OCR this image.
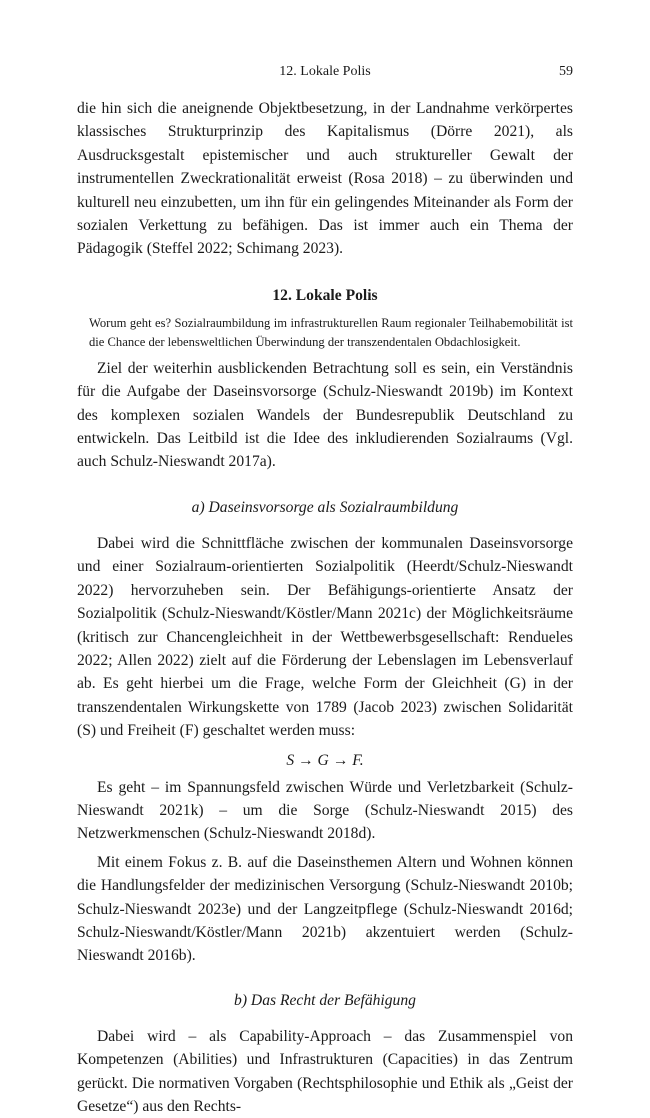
12. Lokale Polis	59

die hin sich die aneignende Objektbesetzung, in der Landnahme verkörpertes klassisches Strukturprinzip des Kapitalismus (Dörre 2021), als Ausdrucksgestalt epistemischer und auch struktureller Gewalt der instrumentellen Zweckrationalität erweist (Rosa 2018) – zu überwinden und kulturell neu einzubetten, um ihn für ein gelingendes Miteinander als Form der sozialen Verkettung zu befähigen. Das ist immer auch ein Thema der Pädagogik (Steffel 2022; Schimang 2023).

12. Lokale Polis

Worum geht es? Sozialraumbildung im infrastrukturellen Raum regionaler Teilhabemobilität ist die Chance der lebensweltlichen Überwindung der transzendentalen Obdachlosigkeit.

Ziel der weiterhin ausblickenden Betrachtung soll es sein, ein Verständnis für die Aufgabe der Daseinsvorsorge (Schulz-Nieswandt 2019b) im Kontext des komplexen sozialen Wandels der Bundesrepublik Deutschland zu entwickeln. Das Leitbild ist die Idee des inkludierenden Sozialraums (Vgl. auch Schulz-Nieswandt 2017a).

a) Daseinsvorsorge als Sozialraumbildung

Dabei wird die Schnittfläche zwischen der kommunalen Daseinsvorsorge und einer Sozialraum-orientierten Sozialpolitik (Heerdt/Schulz-Nieswandt 2022) hervorzuheben sein. Der Befähigungs-orientierte Ansatz der Sozialpolitik (Schulz-Nieswandt/Köstler/Mann 2021c) der Möglichkeitsräume (kritisch zur Chancengleichheit in der Wettbewerbsgesellschaft: Rendueles 2022; Allen 2022) zielt auf die Förderung der Lebenslagen im Lebensverlauf ab. Es geht hierbei um die Frage, welche Form der Gleichheit (G) in der transzendentalen Wirkungskette von 1789 (Jacob 2023) zwischen Solidarität (S) und Freiheit (F) geschaltet werden muss:

S → G → F.

Es geht – im Spannungsfeld zwischen Würde und Verletzbarkeit (Schulz-Nieswandt 2021k) – um die Sorge (Schulz-Nieswandt 2015) des Netzwerkmenschen (Schulz-Nieswandt 2018d).

Mit einem Fokus z. B. auf die Daseinsthemen Altern und Wohnen können die Handlungsfelder der medizinischen Versorgung (Schulz-Nieswandt 2010b; Schulz-Nieswandt 2023e) und der Langzeitpflege (Schulz-Nieswandt 2016d; Schulz-Nieswandt/Köstler/Mann 2021b) akzentuiert werden (Schulz-Nieswandt 2016b).

b) Das Recht der Befähigung

Dabei wird – als Capability-Approach – das Zusammenspiel von Kompetenzen (Abilities) und Infrastrukturen (Capacities) in das Zentrum gerückt. Die normativen Vorgaben (Rechtsphilosophie und Ethik als „Geist der Gesetze“) aus den Rechts-
